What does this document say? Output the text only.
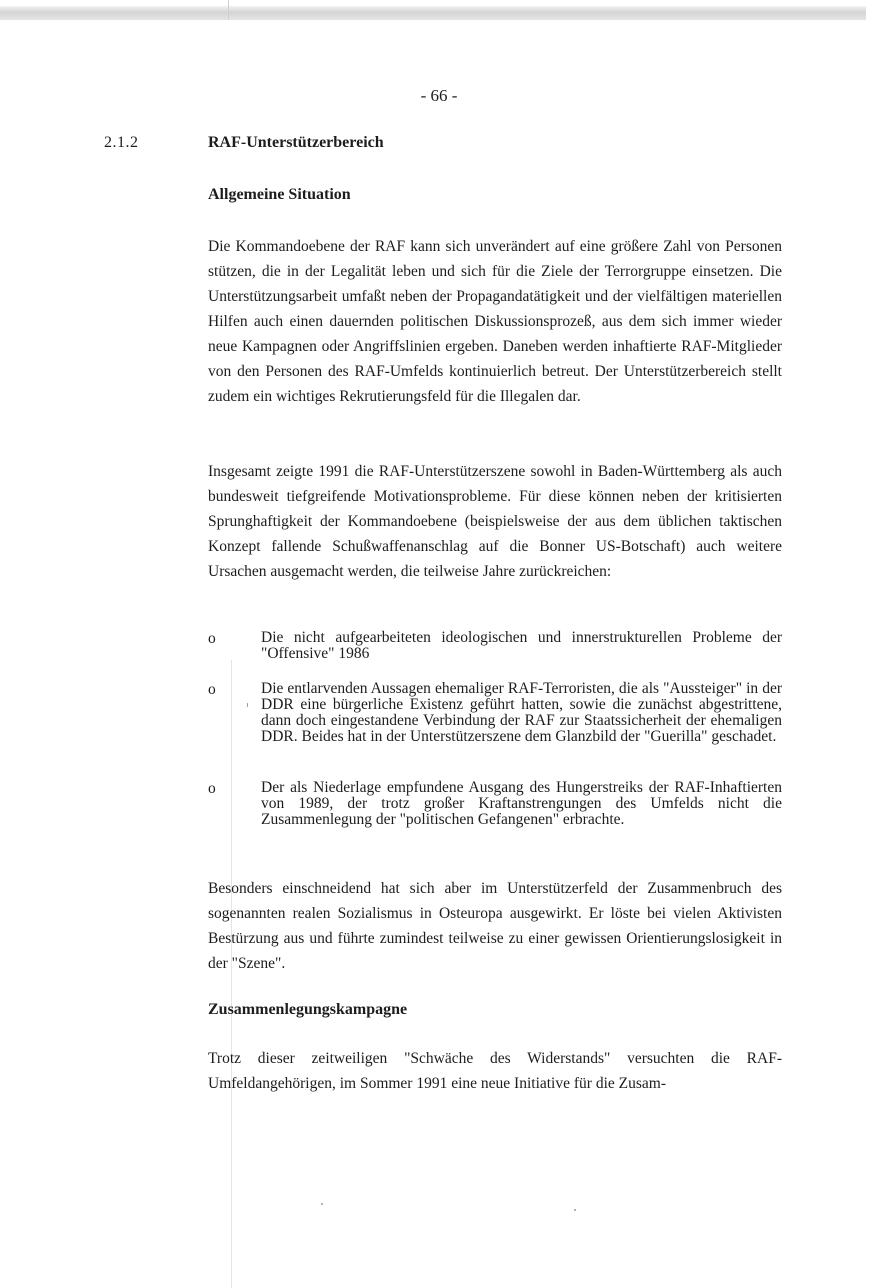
- 66 -
2.1.2	RAF-Unterstützerbereich
Allgemeine Situation

Die Kommandoebene der RAF kann sich unverändert auf eine größere Zahl von Personen stützen, die in der Legalität leben und sich für die Ziele der Terrorgruppe einsetzen. Die Unterstützungsarbeit umfaßt neben der Propagandatätigkeit und der vielfältigen materiellen Hilfen auch einen dauernden politischen Diskussionsprozeß, aus dem sich immer wieder neue Kampagnen oder Angriffslinien ergeben. Daneben werden inhaftierte RAF-Mitglieder von den Personen des RAF-Umfelds kontinuierlich betreut. Der Unterstützerbereich stellt zudem ein wichtiges Rekrutierungsfeld für die Illegalen dar.

Insgesamt zeigte 1991 die RAF-Unterstützerszene sowohl in Baden-Württemberg als auch bundesweit tiefgreifende Motivationsprobleme. Für diese können neben der kritisierten Sprunghaftigkeit der Kommandoebene (beispielsweise der aus dem üblichen taktischen Konzept fallende Schußwaffenanschlag auf die Bonner US-Botschaft) auch weitere Ursachen ausgemacht werden, die teilweise Jahre zurückreichen:

o	Die nicht aufgearbeiteten ideologischen und innerstrukturellen Probleme der "Offensive" 1986

o	Die entlarvenden Aussagen ehemaliger RAF-Terroristen, die als "Aussteiger" in der DDR eine bürgerliche Existenz geführt hatten, sowie die zunächst abgestrittene, dann doch eingestandene Verbindung der RAF zur Staatssicherheit der ehemaligen DDR. Beides hat in der Unterstützerszene dem Glanzbild der "Guerilla" geschadet.

o	Der als Niederlage empfundene Ausgang des Hungerstreiks der RAF-Inhaftierten von 1989, der trotz großer Kraftanstrengungen des Umfelds nicht die Zusammenlegung der "politischen Gefangenen" erbrachte.

Besonders einschneidend hat sich aber im Unterstützerfeld der Zusammenbruch des sogenannten realen Sozialismus in Osteuropa ausgewirkt. Er löste bei vielen Aktivisten Bestürzung aus und führte zumindest teilweise zu einer gewissen Orientierungslosigkeit in der "Szene".

Zusammenlegungskampagne

Trotz dieser zeitweiligen "Schwäche des Widerstands" versuchten die RAF-Umfeldangehörigen, im Sommer 1991 eine neue Initiative für die Zusam-
